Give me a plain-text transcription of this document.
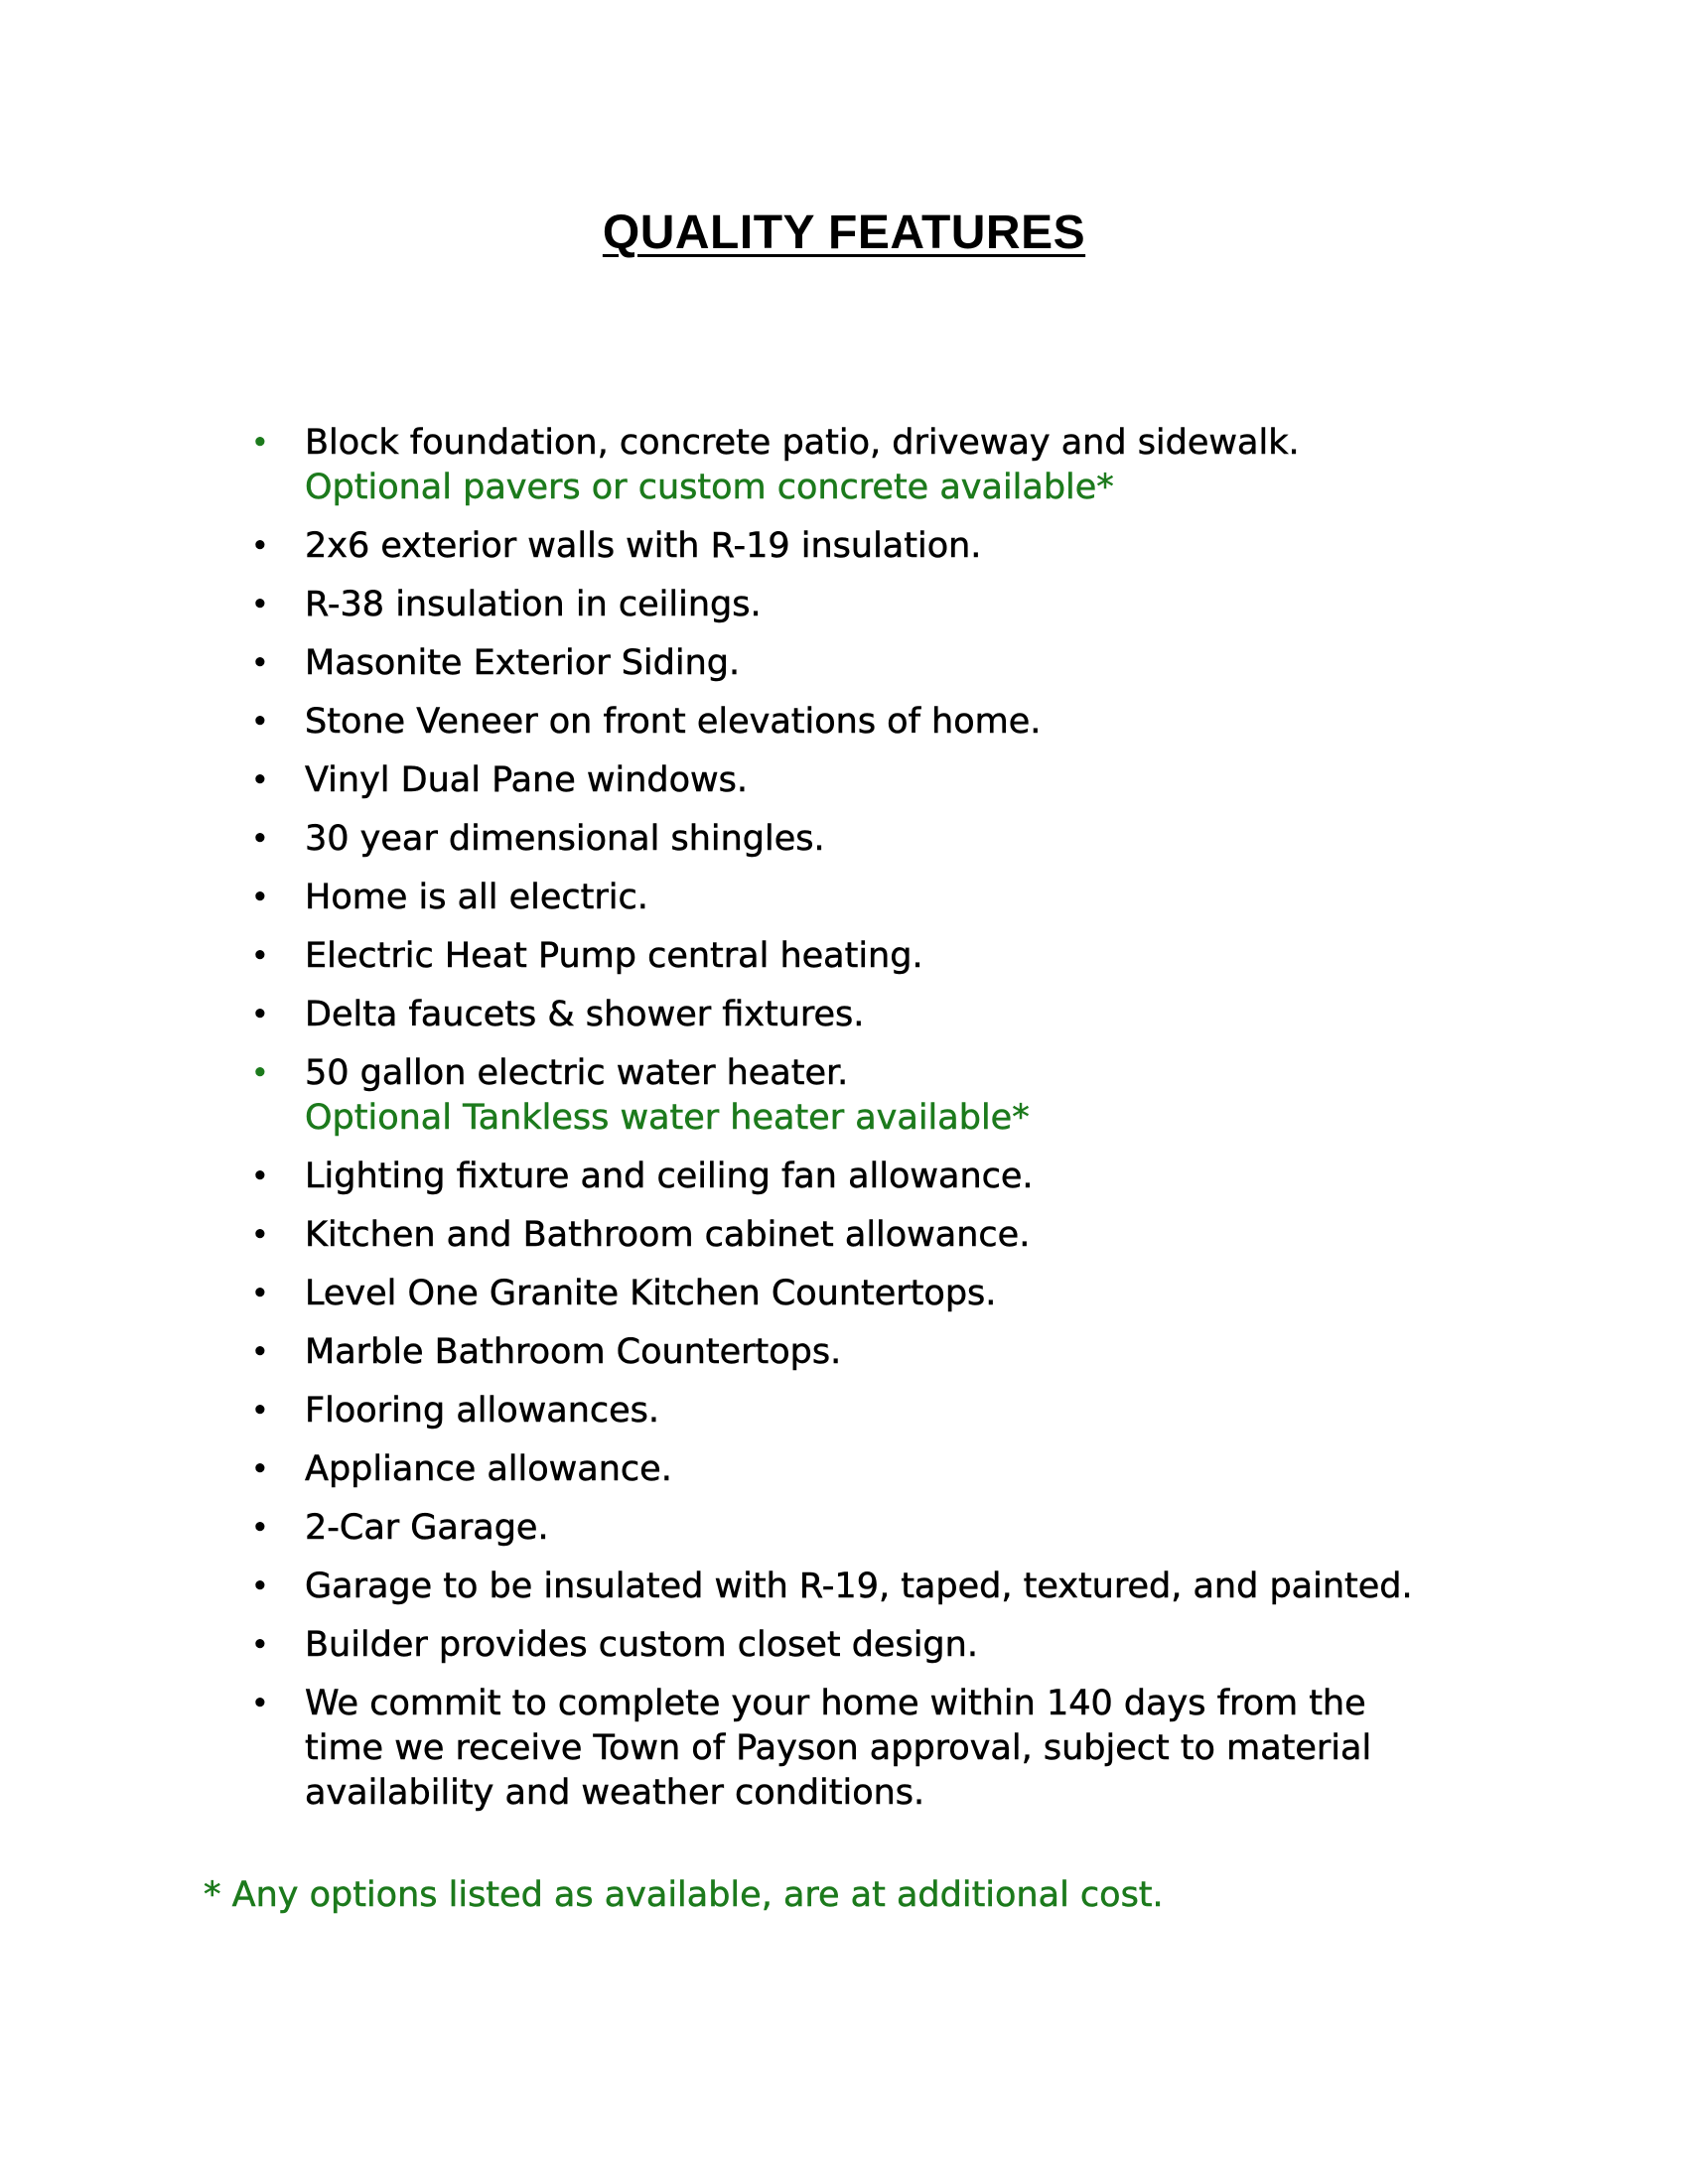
QUALITY FEATURES
• Block foundation, concrete patio, driveway and sidewalk.
Optional pavers or custom concrete available*
• 2x6 exterior walls with R-19 insulation.
• R-38 insulation in ceilings.
• Masonite Exterior Siding.
• Stone Veneer on front elevations of home.
• Vinyl Dual Pane windows.
• 30 year dimensional shingles.
• Home is all electric.
• Electric Heat Pump central heating.
• Delta faucets & shower fixtures.
• 50 gallon electric water heater.
Optional Tankless water heater available*
• Lighting fixture and ceiling fan allowance.
• Kitchen and Bathroom cabinet allowance.
• Level One Granite Kitchen Countertops.
• Marble Bathroom Countertops.
• Flooring allowances.
• Appliance allowance.
• 2-Car Garage.
• Garage to be insulated with R-19, taped, textured, and painted.
• Builder provides custom closet design.
• We commit to complete your home within 140 days from the
time we receive Town of Payson approval, subject to material
availability and weather conditions.

* Any options listed as available, are at additional cost.
